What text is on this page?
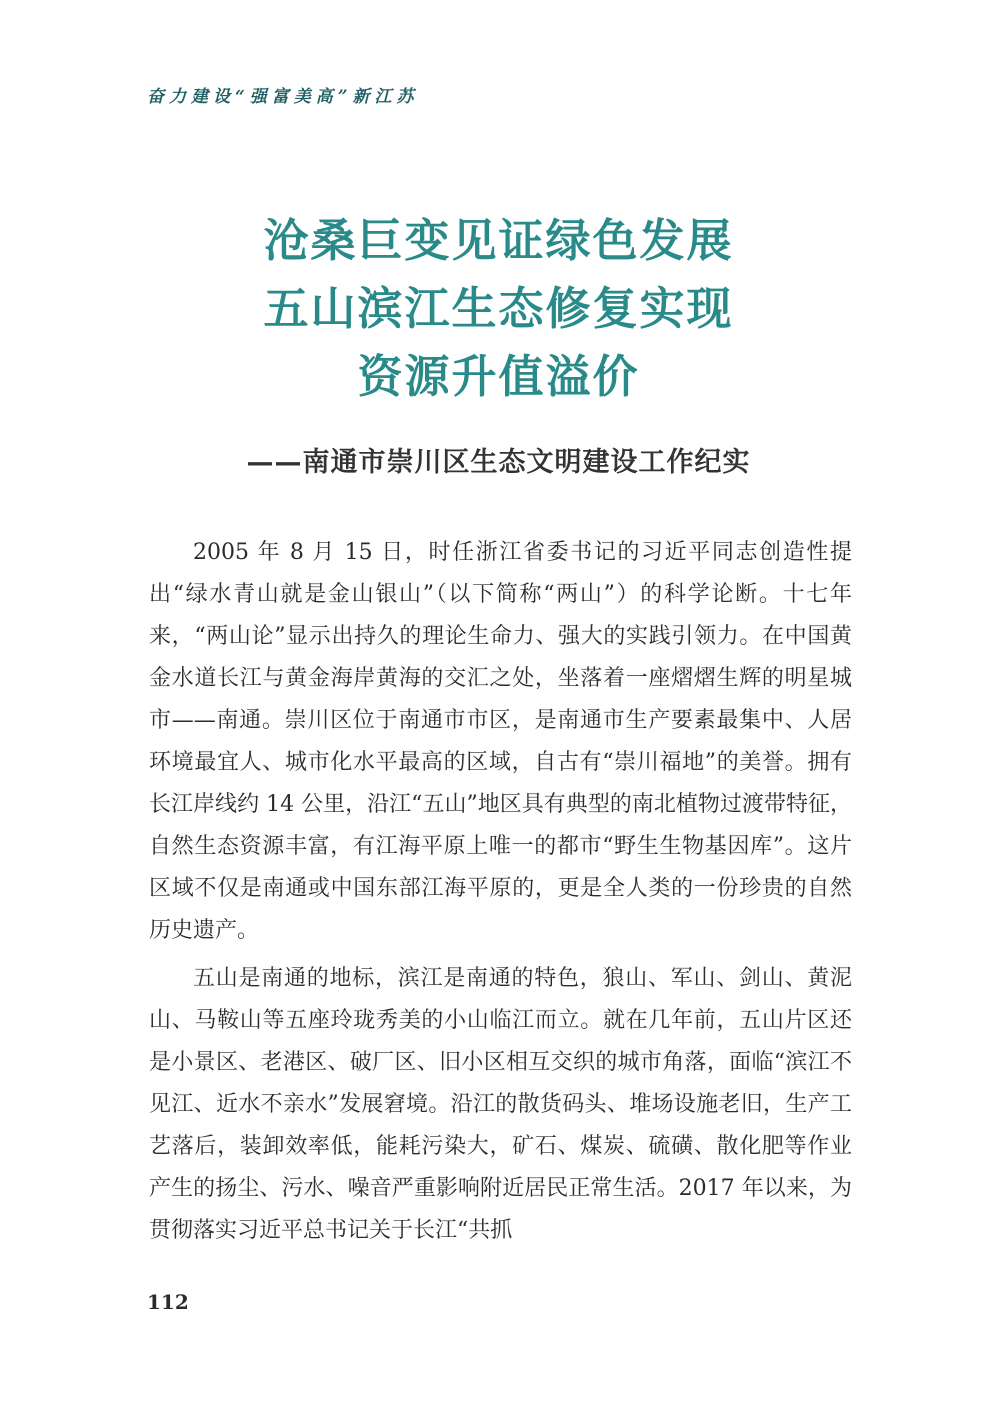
奋力建设“强富美高”新江苏
沧桑巨变见证绿色发展
五山滨江生态修复实现
资源升值溢价
——南通市崇川区生态文明建设工作纪实

2005 年 8 月 15 日，时任浙江省委书记的习近平同志创造性提出“绿水青山就是金山银山”（以下简称“两山”）的科学论断。十七年来，“两山论”显示出持久的理论生命力、强大的实践引领力。在中国黄金水道长江与黄金海岸黄海的交汇之处，坐落着一座熠熠生辉的明星城市——南通。崇川区位于南通市市区，是南通市生产要素最集中、人居环境最宜人、城市化水平最高的区域，自古有“崇川福地”的美誉。拥有长江岸线约 14 公里，沿江“五山”地区具有典型的南北植物过渡带特征，自然生态资源丰富，有江海平原上唯一的都市“野生生物基因库”。这片区域不仅是南通或中国东部江海平原的，更是全人类的一份珍贵的自然历史遗产。

五山是南通的地标，滨江是南通的特色，狼山、军山、剑山、黄泥山、马鞍山等五座玲珑秀美的小山临江而立。就在几年前，五山片区还是小景区、老港区、破厂区、旧小区相互交织的城市角落，面临“滨江不见江、近水不亲水”发展窘境。沿江的散货码头、堆场设施老旧，生产工艺落后，装卸效率低，能耗污染大，矿石、煤炭、硫磺、散化肥等作业产生的扬尘、污水、噪音严重影响附近居民正常生活。2017 年以来，为贯彻落实习近平总书记关于长江“共抓

112
